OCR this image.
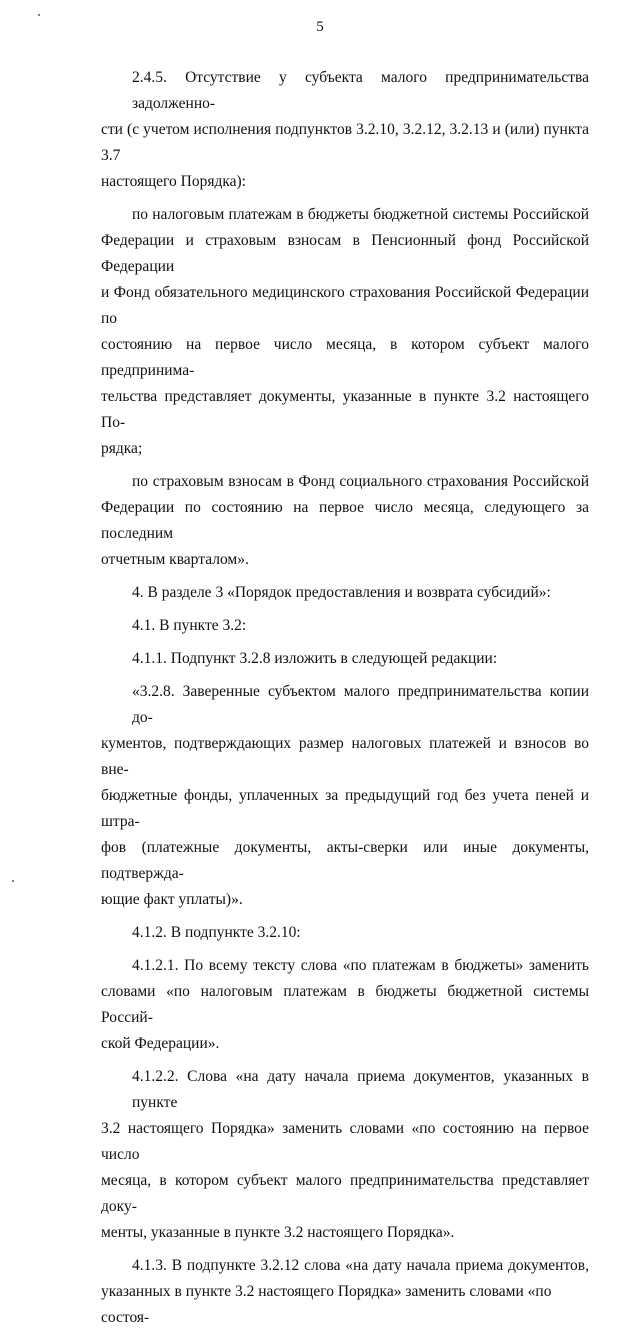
5
2.4.5. Отсутствие у субъекта малого предпринимательства задолженно-
сти (с учетом исполнения подпунктов 3.2.10, 3.2.12, 3.2.13 и (или) пункта 3.7
настоящего Порядка):
по налоговым платежам в бюджеты бюджетной системы Российской
Федерации и страховым взносам в Пенсионный фонд Российской Федерации
и Фонд обязательного медицинского страхования Российской Федерации по
состоянию на первое число месяца, в котором субъект малого предпринима-
тельства представляет документы, указанные в пункте 3.2 настоящего По-
рядка;
по страховым взносам в Фонд социального страхования Российской
Федерации по состоянию на первое число месяца, следующего за последним
отчетным кварталом».
4. В разделе 3 «Порядок предоставления и возврата субсидий»:
4.1. В пункте 3.2:
4.1.1. Подпункт 3.2.8 изложить в следующей редакции:
«3.2.8. Заверенные субъектом малого предпринимательства копии до-
кументов, подтверждающих размер налоговых платежей и взносов во вне-
бюджетные фонды, уплаченных за предыдущий год без учета пеней и штра-
фов (платежные документы, акты-сверки или иные документы, подтвержда-
ющие факт уплаты)».
4.1.2. В подпункте 3.2.10:
4.1.2.1. По всему тексту слова «по платежам в бюджеты» заменить
словами «по налоговым платежам в бюджеты бюджетной системы Россий-
ской Федерации».
4.1.2.2. Слова «на дату начала приема документов, указанных в пункте
3.2 настоящего Порядка» заменить словами «по состоянию на первое число
месяца, в котором субъект малого предпринимательства представляет доку-
менты, указанные в пункте 3.2 настоящего Порядка».
4.1.3. В подпункте 3.2.12 слова «на дату начала приема документов,
указанных в пункте 3.2 настоящего Порядка» заменить словами «по состоя-
